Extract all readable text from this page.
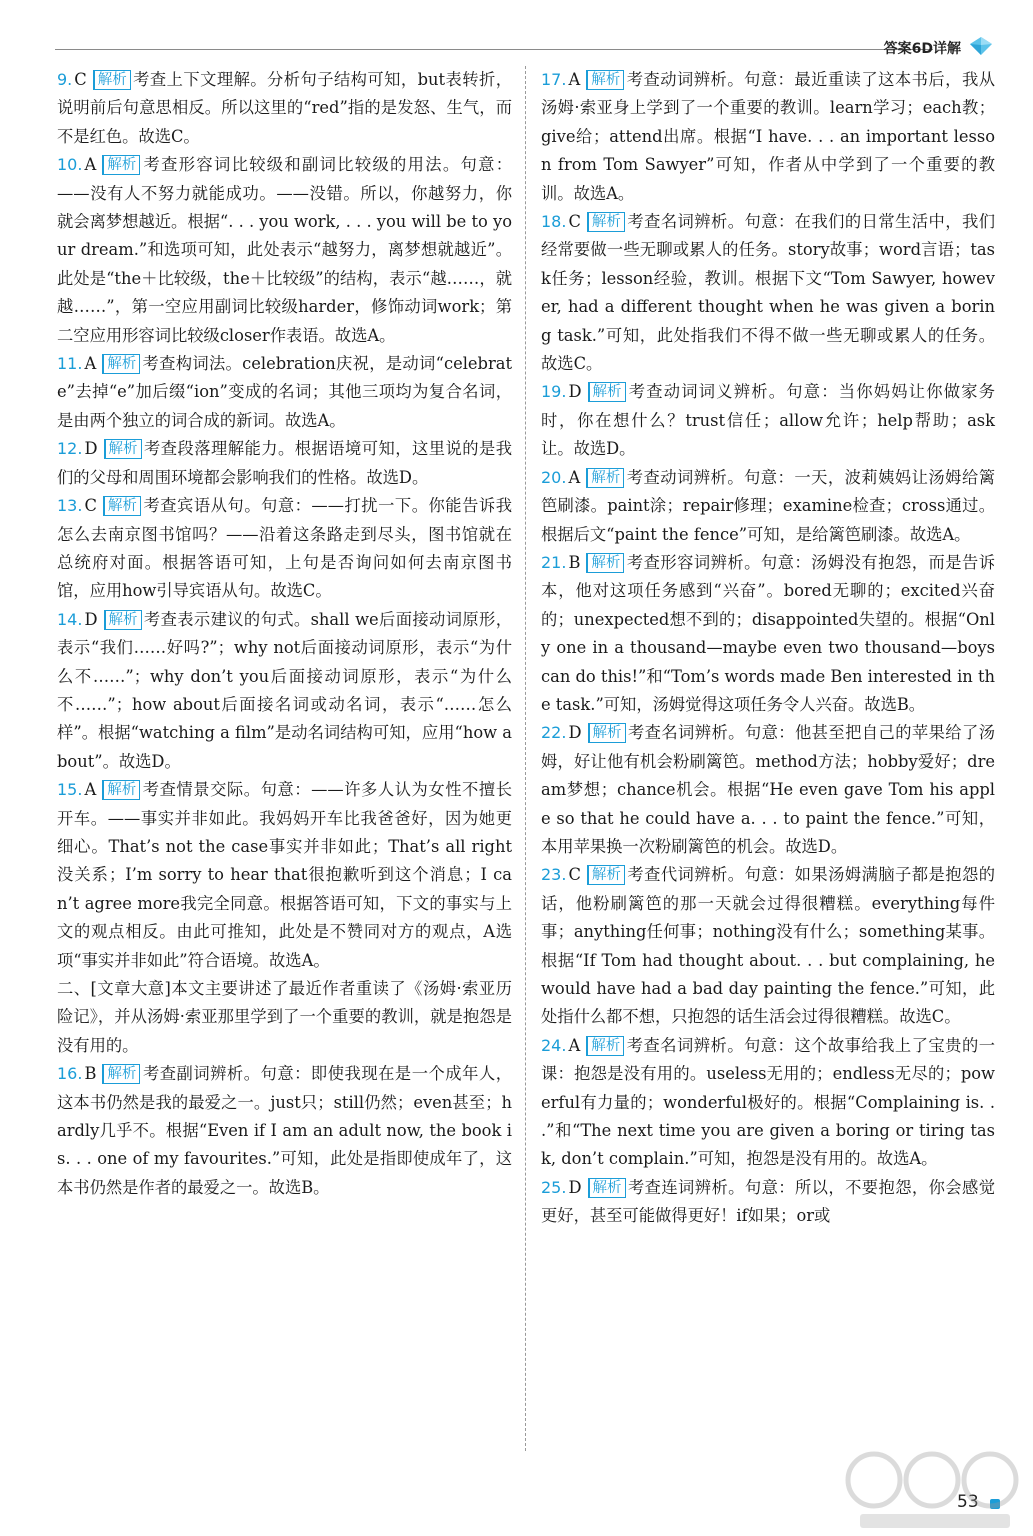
答案6D详解
9. C 解析 考查上下文理解。分析句子结构可知，but表转折，说明前后句意思相反。所以这里的“red”指的是发怒、生气，而不是红色。故选C。
10. A 解析 考查形容词比较级和副词比较级的用法。句意：——没有人不努力就能成功。——没错。所以，你越努力，你就会离梦想越近。根据“. . . you work, . . . you will be to your dream.”和选项可知，此处表示“越努力，离梦想就越近”。此处是“the＋比较级，the＋比较级”的结构，表示“越……，就越……”，第一空应用副词比较级harder，修饰动词work；第二空应用形容词比较级closer作表语。故选A。
11. A 解析 考查构词法。celebration庆祝，是动词“celebrate”去掉“e”加后缀“ion”变成的名词；其他三项均为复合名词，是由两个独立的词合成的新词。故选A。
12. D 解析 考查段落理解能力。根据语境可知，这里说的是我们的父母和周围环境都会影响我们的性格。故选D。
13. C 解析 考查宾语从句。句意：——打扰一下。你能告诉我怎么去南京图书馆吗？——沿着这条路走到尽头，图书馆就在总统府对面。根据答语可知，上句是否询问如何去南京图书馆，应用how引导宾语从句。故选C。
14. D 解析 考查表示建议的句式。shall we后面接动词原形，表示“我们……好吗?”；why not后面接动词原形，表示“为什么不……”；why don’t you后面接动词原形，表示“为什么不……”；how about后面接名词或动名词，表示“……怎么样”。根据“watching a film”是动名词结构可知，应用“how about”。故选D。
15. A 解析 考查情景交际。句意：——许多人认为女性不擅长开车。——事实并非如此。我妈妈开车比我爸爸好，因为她更细心。That’s not the case事实并非如此；That’s all right没关系；I’m sorry to hear that很抱歉听到这个消息；I can’t agree more我完全同意。根据答语可知，下文的事实与上文的观点相反。由此可推知，此处是不赞同对方的观点，A选项“事实并非如此”符合语境。故选A。
二、[文章大意]本文主要讲述了最近作者重读了《汤姆·索亚历险记》，并从汤姆·索亚那里学到了一个重要的教训，就是抱怨是没有用的。
16. B 解析 考查副词辨析。句意：即使我现在是一个成年人，这本书仍然是我的最爱之一。just只；still仍然；even甚至；hardly几乎不。根据“Even if I am an adult now, the book is. . . one of my favourites.”可知，此处是指即使成年了，这本书仍然是作者的最爱之一。故选B。
17. A 解析 考查动词辨析。句意：最近重读了这本书后，我从汤姆·索亚身上学到了一个重要的教训。learn学习；each教；give给；attend出席。根据“I have. . . an important lesson from Tom Sawyer”可知，作者从中学到了一个重要的教训。故选A。
18. C 解析 考查名词辨析。句意：在我们的日常生活中，我们经常要做一些无聊或累人的任务。story故事；word言语；task任务；lesson经验，教训。根据下文“Tom Sawyer, however, had a different thought when he was given a boring task.”可知，此处指我们不得不做一些无聊或累人的任务。故选C。
19. D 解析 考查动词词义辨析。句意：当你妈妈让你做家务时，你在想什么？trust信任；allow允许；help帮助；ask让。故选D。
20. A 解析 考查动词辨析。句意：一天，波莉姨妈让汤姆给篱笆刷漆。paint涂；repair修理；examine检查；cross通过。根据后文“paint the fence”可知，是给篱笆刷漆。故选A。
21. B 解析 考查形容词辨析。句意：汤姆没有抱怨，而是告诉本，他对这项任务感到“兴奋”。bored无聊的；excited兴奋的；unexpected想不到的；disappointed失望的。根据“Only one in a thousand—maybe even two thousand—boys can do this!”和“Tom’s words made Ben interested in the task.”可知，汤姆觉得这项任务令人兴奋。故选B。
22. D 解析 考查名词辨析。句意：他甚至把自己的苹果给了汤姆，好让他有机会粉刷篱笆。method方法；hobby爱好；dream梦想；chance机会。根据“He even gave Tom his apple so that he could have a. . . to paint the fence.”可知，本用苹果换一次粉刷篱笆的机会。故选D。
23. C 解析 考查代词辨析。句意：如果汤姆满脑子都是抱怨的话，他粉刷篱笆的那一天就会过得很糟糕。everything每件事；anything任何事；nothing没有什么；something某事。根据“If Tom had thought about. . . but complaining, he would have had a bad day painting the fence.”可知，此处指什么都不想，只抱怨的话生活会过得很糟糕。故选C。
24. A 解析 考查名词辨析。句意：这个故事给我上了宝贵的一课：抱怨是没有用的。useless无用的；endless无尽的；powerful有力量的；wonderful极好的。根据“Complaining is. . .”和“The next time you are given a boring or tiring task, don’t complain.”可知，抱怨是没有用的。故选A。
25. D 解析 考查连词辨析。句意：所以，不要抱怨，你会感觉更好，甚至可能做得更好！if如果；or或
53
